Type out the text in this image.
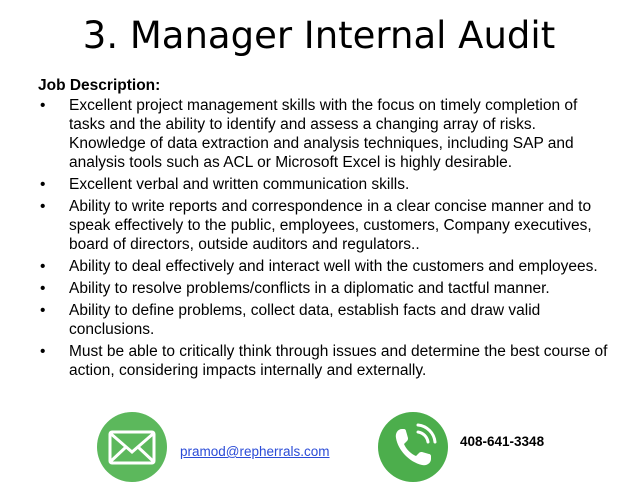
3. Manager Internal Audit
Job Description:
• Excellent project management skills with the focus on timely completion of tasks and the ability to identify and assess a changing array of risks. Knowledge of data extraction and analysis techniques, including SAP and analysis tools such as ACL or Microsoft Excel is highly desirable.
• Excellent verbal and written communication skills.
• Ability to write reports and correspondence in a clear concise manner and to speak effectively to the public, employees, customers, Company executives, board of directors, outside auditors and regulators..
• Ability to deal effectively and interact well with the customers and employees.
• Ability to resolve problems/conflicts in a diplomatic and tactful manner.
• Ability to define problems, collect data, establish facts and draw valid conclusions.
• Must be able to critically think through issues and determine the best course of action, considering impacts internally and externally.
pramod@repherrals.com
408-641-3348
